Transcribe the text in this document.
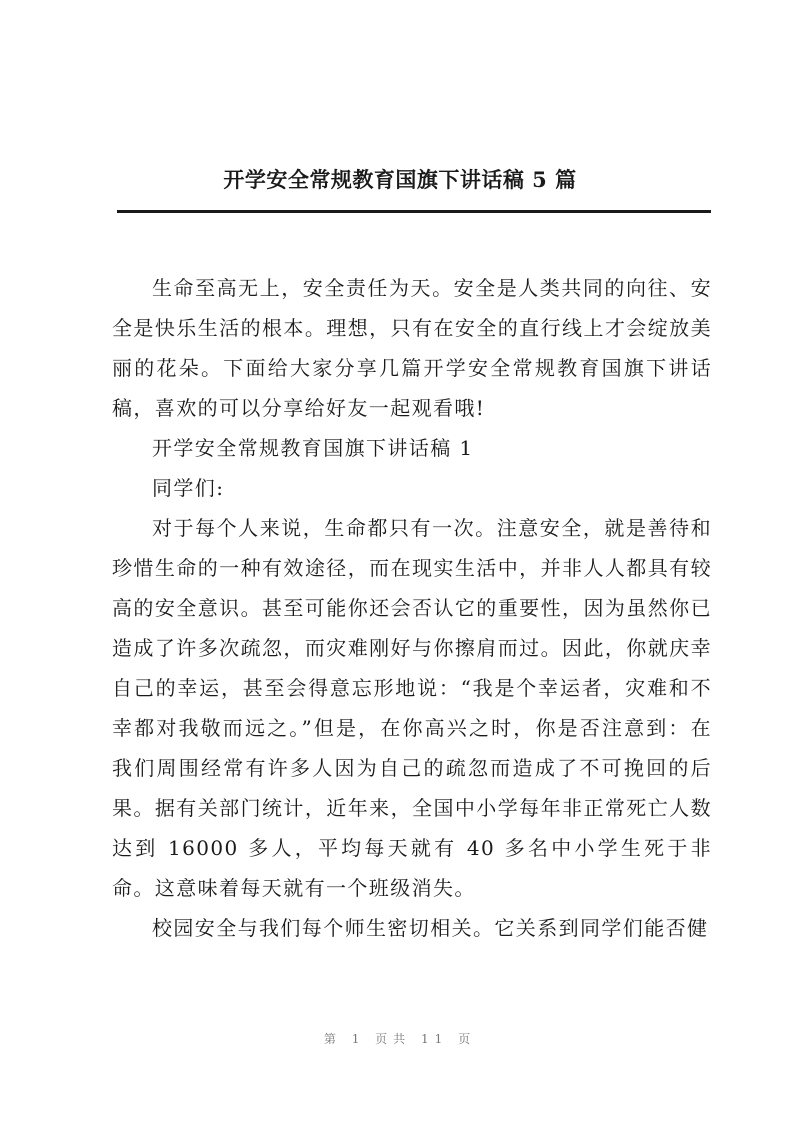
开学安全常规教育国旗下讲话稿 5 篇

生命至高无上，安全责任为天。安全是人类共同的向往、安全是快乐生活的根本。理想，只有在安全的直行线上才会绽放美丽的花朵。下面给大家分享几篇开学安全常规教育国旗下讲话稿，喜欢的可以分享给好友一起观看哦!

开学安全常规教育国旗下讲话稿 1

同学们:

对于每个人来说，生命都只有一次。注意安全，就是善待和珍惜生命的一种有效途径，而在现实生活中，并非人人都具有较高的安全意识。甚至可能你还会否认它的重要性，因为虽然你已造成了许多次疏忽，而灾难刚好与你擦肩而过。因此，你就庆幸自己的幸运，甚至会得意忘形地说：“我是个幸运者，灾难和不幸都对我敬而远之。”但是，在你高兴之时，你是否注意到：在我们周围经常有许多人因为自己的疏忽而造成了不可挽回的后果。据有关部门统计，近年来，全国中小学每年非正常死亡人数达到 16000 多人，平均每天就有 40 多名中小学生死于非命。这意味着每天就有一个班级消失。

校园安全与我们每个师生密切相关。它关系到同学们能否健

第 1 页共 11 页
